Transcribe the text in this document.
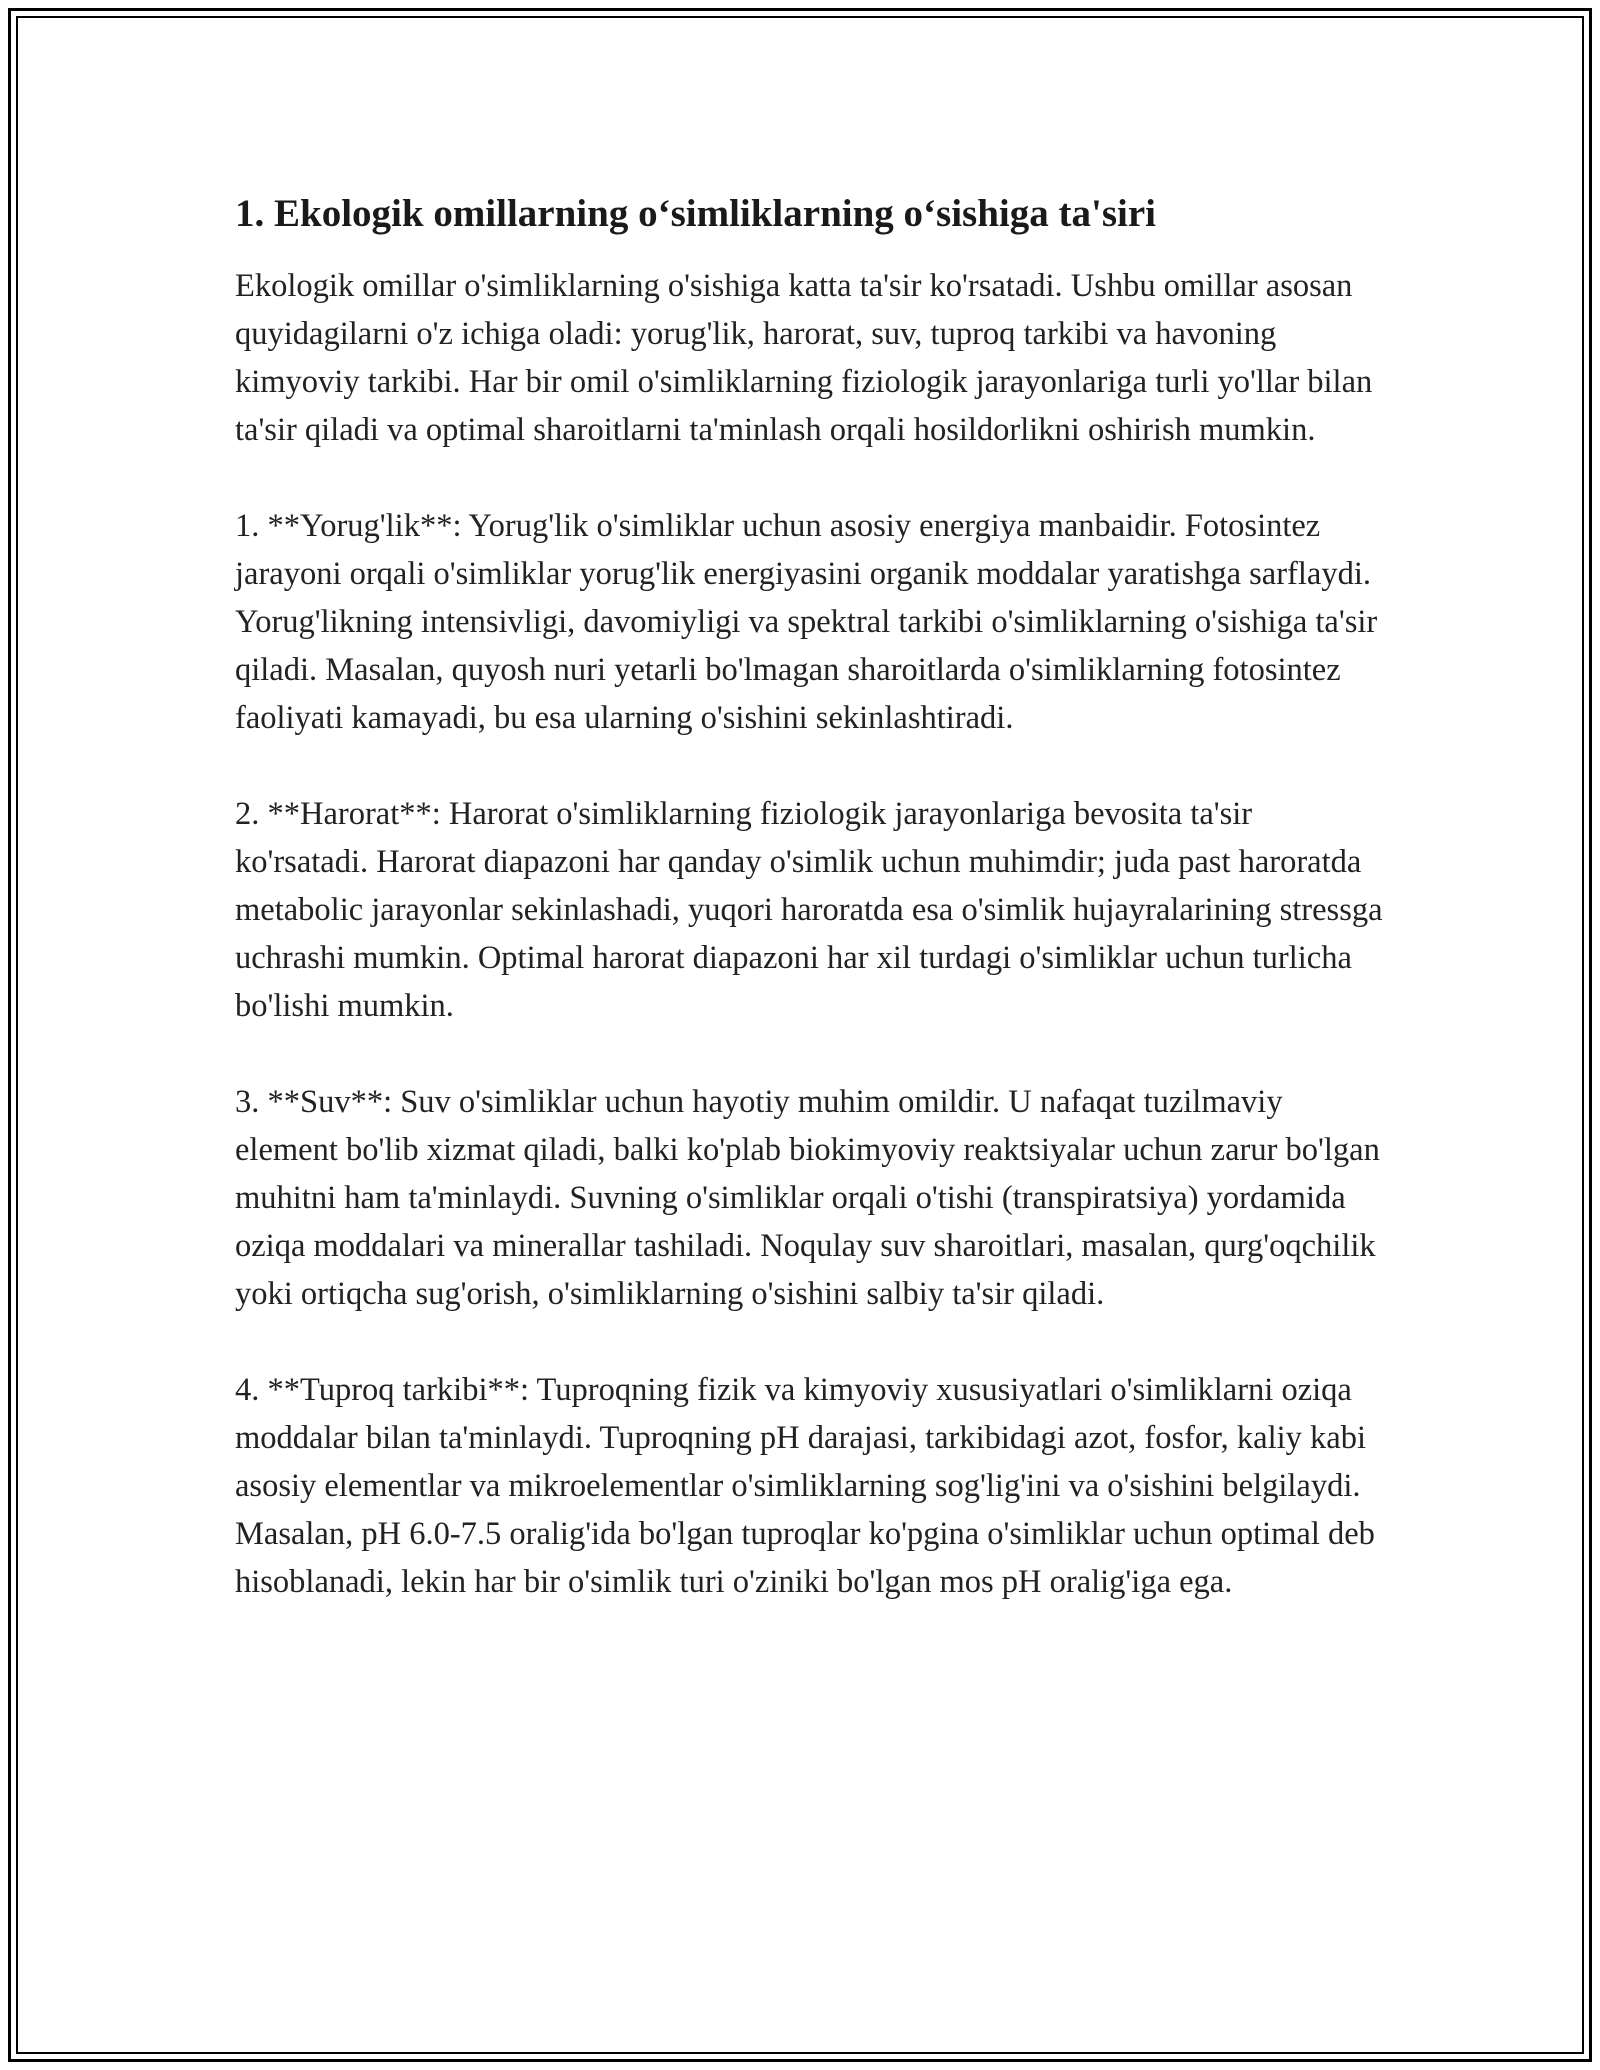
1. Ekologik omillarning o‘simliklarning o‘sishiga ta'siri

Ekologik omillar o'simliklarning o'sishiga katta ta'sir ko'rsatadi. Ushbu omillar asosan quyidagilarni o'z ichiga oladi: yorug'lik, harorat, suv, tuproq tarkibi va havoning kimyoviy tarkibi. Har bir omil o'simliklarning fiziologik jarayonlariga turli yo'llar bilan ta'sir qiladi va optimal sharoitlarni ta'minlash orqali hosildorlikni oshirish mumkin.

1. **Yorug'lik**: Yorug'lik o'simliklar uchun asosiy energiya manbaidir. Fotosintez jarayoni orqali o'simliklar yorug'lik energiyasini organik moddalar yaratishga sarflaydi. Yorug'likning intensivligi, davomiyligi va spektral tarkibi o'simliklarning o'sishiga ta'sir qiladi. Masalan, quyosh nuri yetarli bo'lmagan sharoitlarda o'simliklarning fotosintez faoliyati kamayadi, bu esa ularning o'sishini sekinlashtiradi.

2. **Harorat**: Harorat o'simliklarning fiziologik jarayonlariga bevosita ta'sir ko'rsatadi. Harorat diapazoni har qanday o'simlik uchun muhimdir; juda past haroratda metabolic jarayonlar sekinlashadi, yuqori haroratda esa o'simlik hujayralarining stressga uchrashi mumkin. Optimal harorat diapazoni har xil turdagi o'simliklar uchun turlicha bo'lishi mumkin.

3. **Suv**: Suv o'simliklar uchun hayotiy muhim omildir. U nafaqat tuzilmaviy element bo'lib xizmat qiladi, balki ko'plab biokimyoviy reaktsiyalar uchun zarur bo'lgan muhitni ham ta'minlaydi. Suvning o'simliklar orqali o'tishi (transpiratsiya) yordamida oziqa moddalari va minerallar tashiladi. Noqulay suv sharoitlari, masalan, qurg'oqchilik yoki ortiqcha sug'orish, o'simliklarning o'sishini salbiy ta'sir qiladi.

4. **Tuproq tarkibi**: Tuproqning fizik va kimyoviy xususiyatlari o'simliklarni oziqa moddalar bilan ta'minlaydi. Tuproqning pH darajasi, tarkibidagi azot, fosfor, kaliy kabi asosiy elementlar va mikroelementlar o'simliklarning sog'lig'ini va o'sishini belgilaydi. Masalan, pH 6.0-7.5 oralig'ida bo'lgan tuproqlar ko'pgina o'simliklar uchun optimal deb hisoblanadi, lekin har bir o'simlik turi o'ziniki bo'lgan mos pH oralig'iga ega.
